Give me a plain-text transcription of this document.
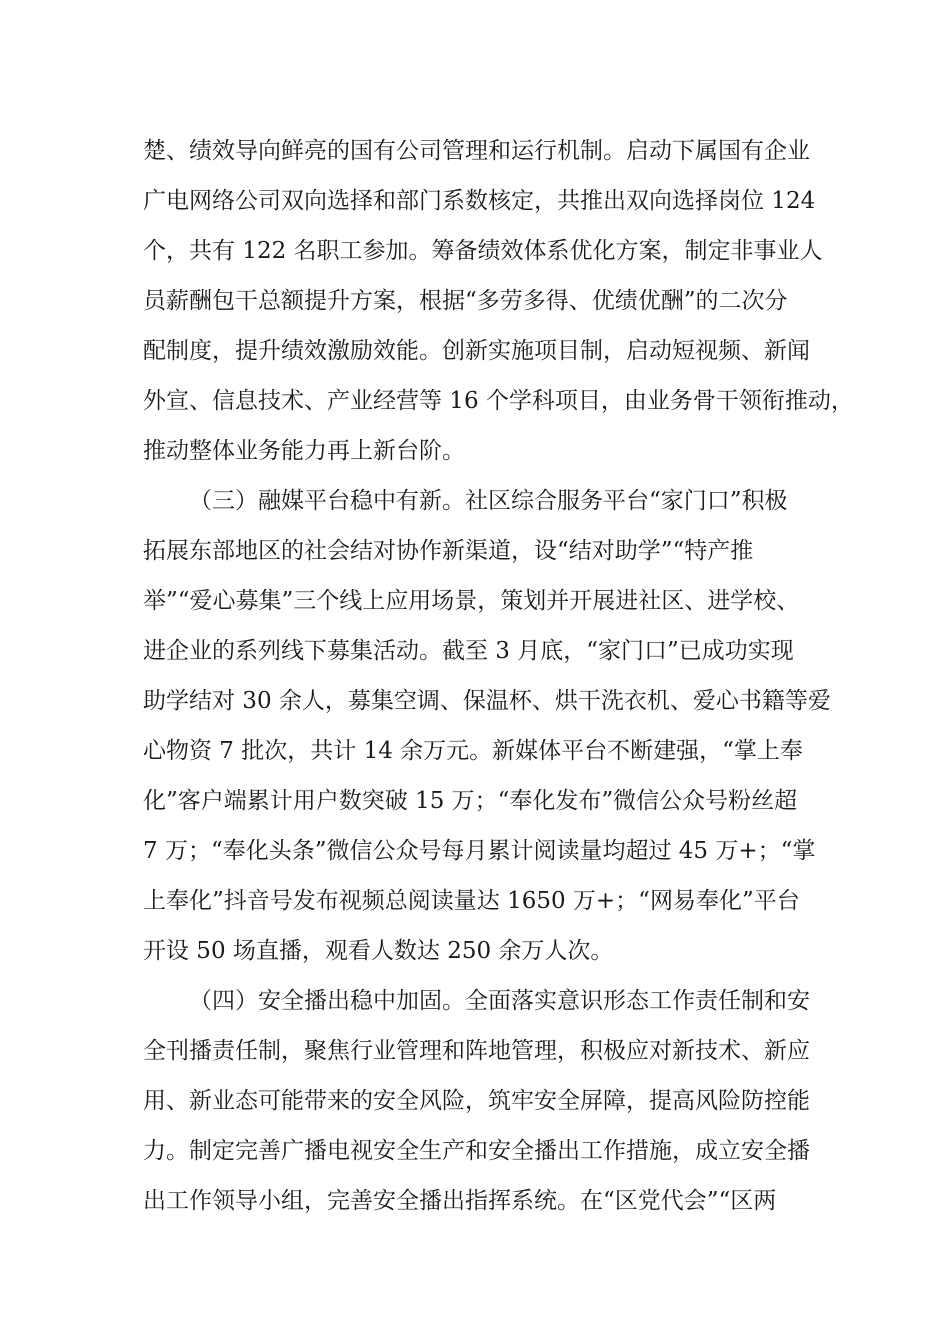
楚、绩效导向鲜亮的国有公司管理和运行机制。启动下属国有企业
广电网络公司双向选择和部门系数核定，共推出双向选择岗位 124
个，共有 122 名职工参加。筹备绩效体系优化方案，制定非事业人
员薪酬包干总额提升方案，根据“多劳多得、优绩优酬”的二次分
配制度，提升绩效激励效能。创新实施项目制，启动短视频、新闻
外宣、信息技术、产业经营等 16 个学科项目，由业务骨干领衔推动，
推动整体业务能力再上新台阶。
（三）融媒平台稳中有新。社区综合服务平台“家门口”积极
拓展东部地区的社会结对协作新渠道，设“结对助学”“特产推
举”“爱心募集”三个线上应用场景，策划并开展进社区、进学校、
进企业的系列线下募集活动。截至 3 月底，“家门口”已成功实现
助学结对 30 余人，募集空调、保温杯、烘干洗衣机、爱心书籍等爱
心物资 7 批次，共计 14 余万元。新媒体平台不断建强，“掌上奉
化”客户端累计用户数突破 15 万；“奉化发布”微信公众号粉丝超
7 万；“奉化头条”微信公众号每月累计阅读量均超过 45 万+；“掌
上奉化”抖音号发布视频总阅读量达 1650 万+；“网易奉化”平台
开设 50 场直播，观看人数达 250 余万人次。
（四）安全播出稳中加固。全面落实意识形态工作责任制和安
全刊播责任制，聚焦行业管理和阵地管理，积极应对新技术、新应
用、新业态可能带来的安全风险，筑牢安全屏障，提高风险防控能
力。制定完善广播电视安全生产和安全播出工作措施，成立安全播
出工作领导小组，完善安全播出指挥系统。在“区党代会”“区两
